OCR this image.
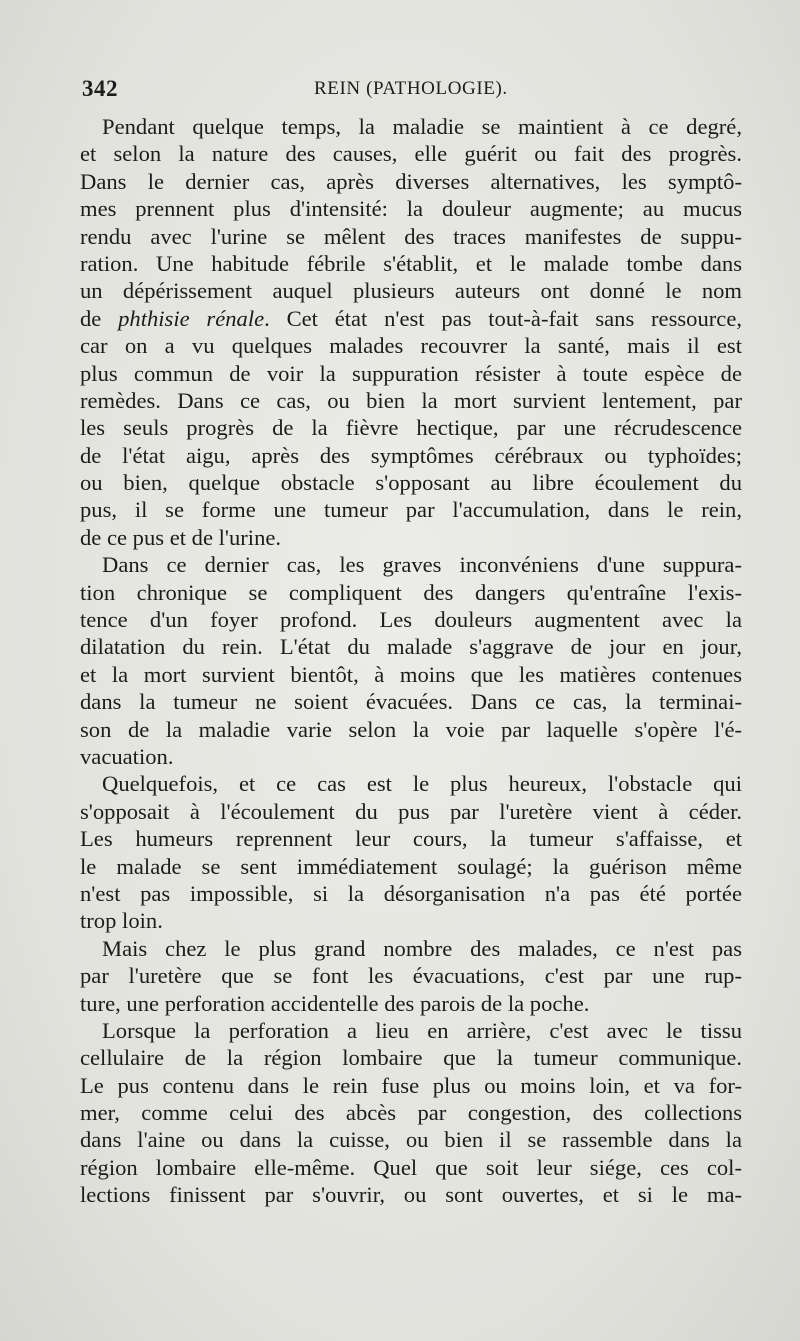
342	REIN (PATHOLOGIE).
Pendant quelque temps, la maladie se maintient à ce degré,
et selon la nature des causes, elle guérit ou fait des progrès.
Dans le dernier cas, après diverses alternatives, les symptô-
mes prennent plus d'intensité: la douleur augmente; au mucus
rendu avec l'urine se mêlent des traces manifestes de suppu-
ration. Une habitude fébrile s'établit, et le malade tombe dans
un dépérissement auquel plusieurs auteurs ont donné le nom
de phthisie rénale. Cet état n'est pas tout-à-fait sans ressource,
car on a vu quelques malades recouvrer la santé, mais il est
plus commun de voir la suppuration résister à toute espèce de
remèdes. Dans ce cas, ou bien la mort survient lentement, par
les seuls progrès de la fièvre hectique, par une récrudescence
de l'état aigu, après des symptômes cérébraux ou typhoïdes;
ou bien, quelque obstacle s'opposant au libre écoulement du
pus, il se forme une tumeur par l'accumulation, dans le rein,
de ce pus et de l'urine.
Dans ce dernier cas, les graves inconvéniens d'une suppura-
tion chronique se compliquent des dangers qu'entraîne l'exis-
tence d'un foyer profond. Les douleurs augmentent avec la
dilatation du rein. L'état du malade s'aggrave de jour en jour,
et la mort survient bientôt, à moins que les matières contenues
dans la tumeur ne soient évacuées. Dans ce cas, la terminai-
son de la maladie varie selon la voie par laquelle s'opère l'é-
vacuation.
Quelquefois, et ce cas est le plus heureux, l'obstacle qui
s'opposait à l'écoulement du pus par l'uretère vient à céder.
Les humeurs reprennent leur cours, la tumeur s'affaisse, et
le malade se sent immédiatement soulagé; la guérison même
n'est pas impossible, si la désorganisation n'a pas été portée
trop loin.
Mais chez le plus grand nombre des malades, ce n'est pas
par l'uretère que se font les évacuations, c'est par une rup-
ture, une perforation accidentelle des parois de la poche.
Lorsque la perforation a lieu en arrière, c'est avec le tissu
cellulaire de la région lombaire que la tumeur communique.
Le pus contenu dans le rein fuse plus ou moins loin, et va for-
mer, comme celui des abcès par congestion, des collections
dans l'aine ou dans la cuisse, ou bien il se rassemble dans la
région lombaire elle-même. Quel que soit leur siége, ces col-
lections finissent par s'ouvrir, ou sont ouvertes, et si le ma-
